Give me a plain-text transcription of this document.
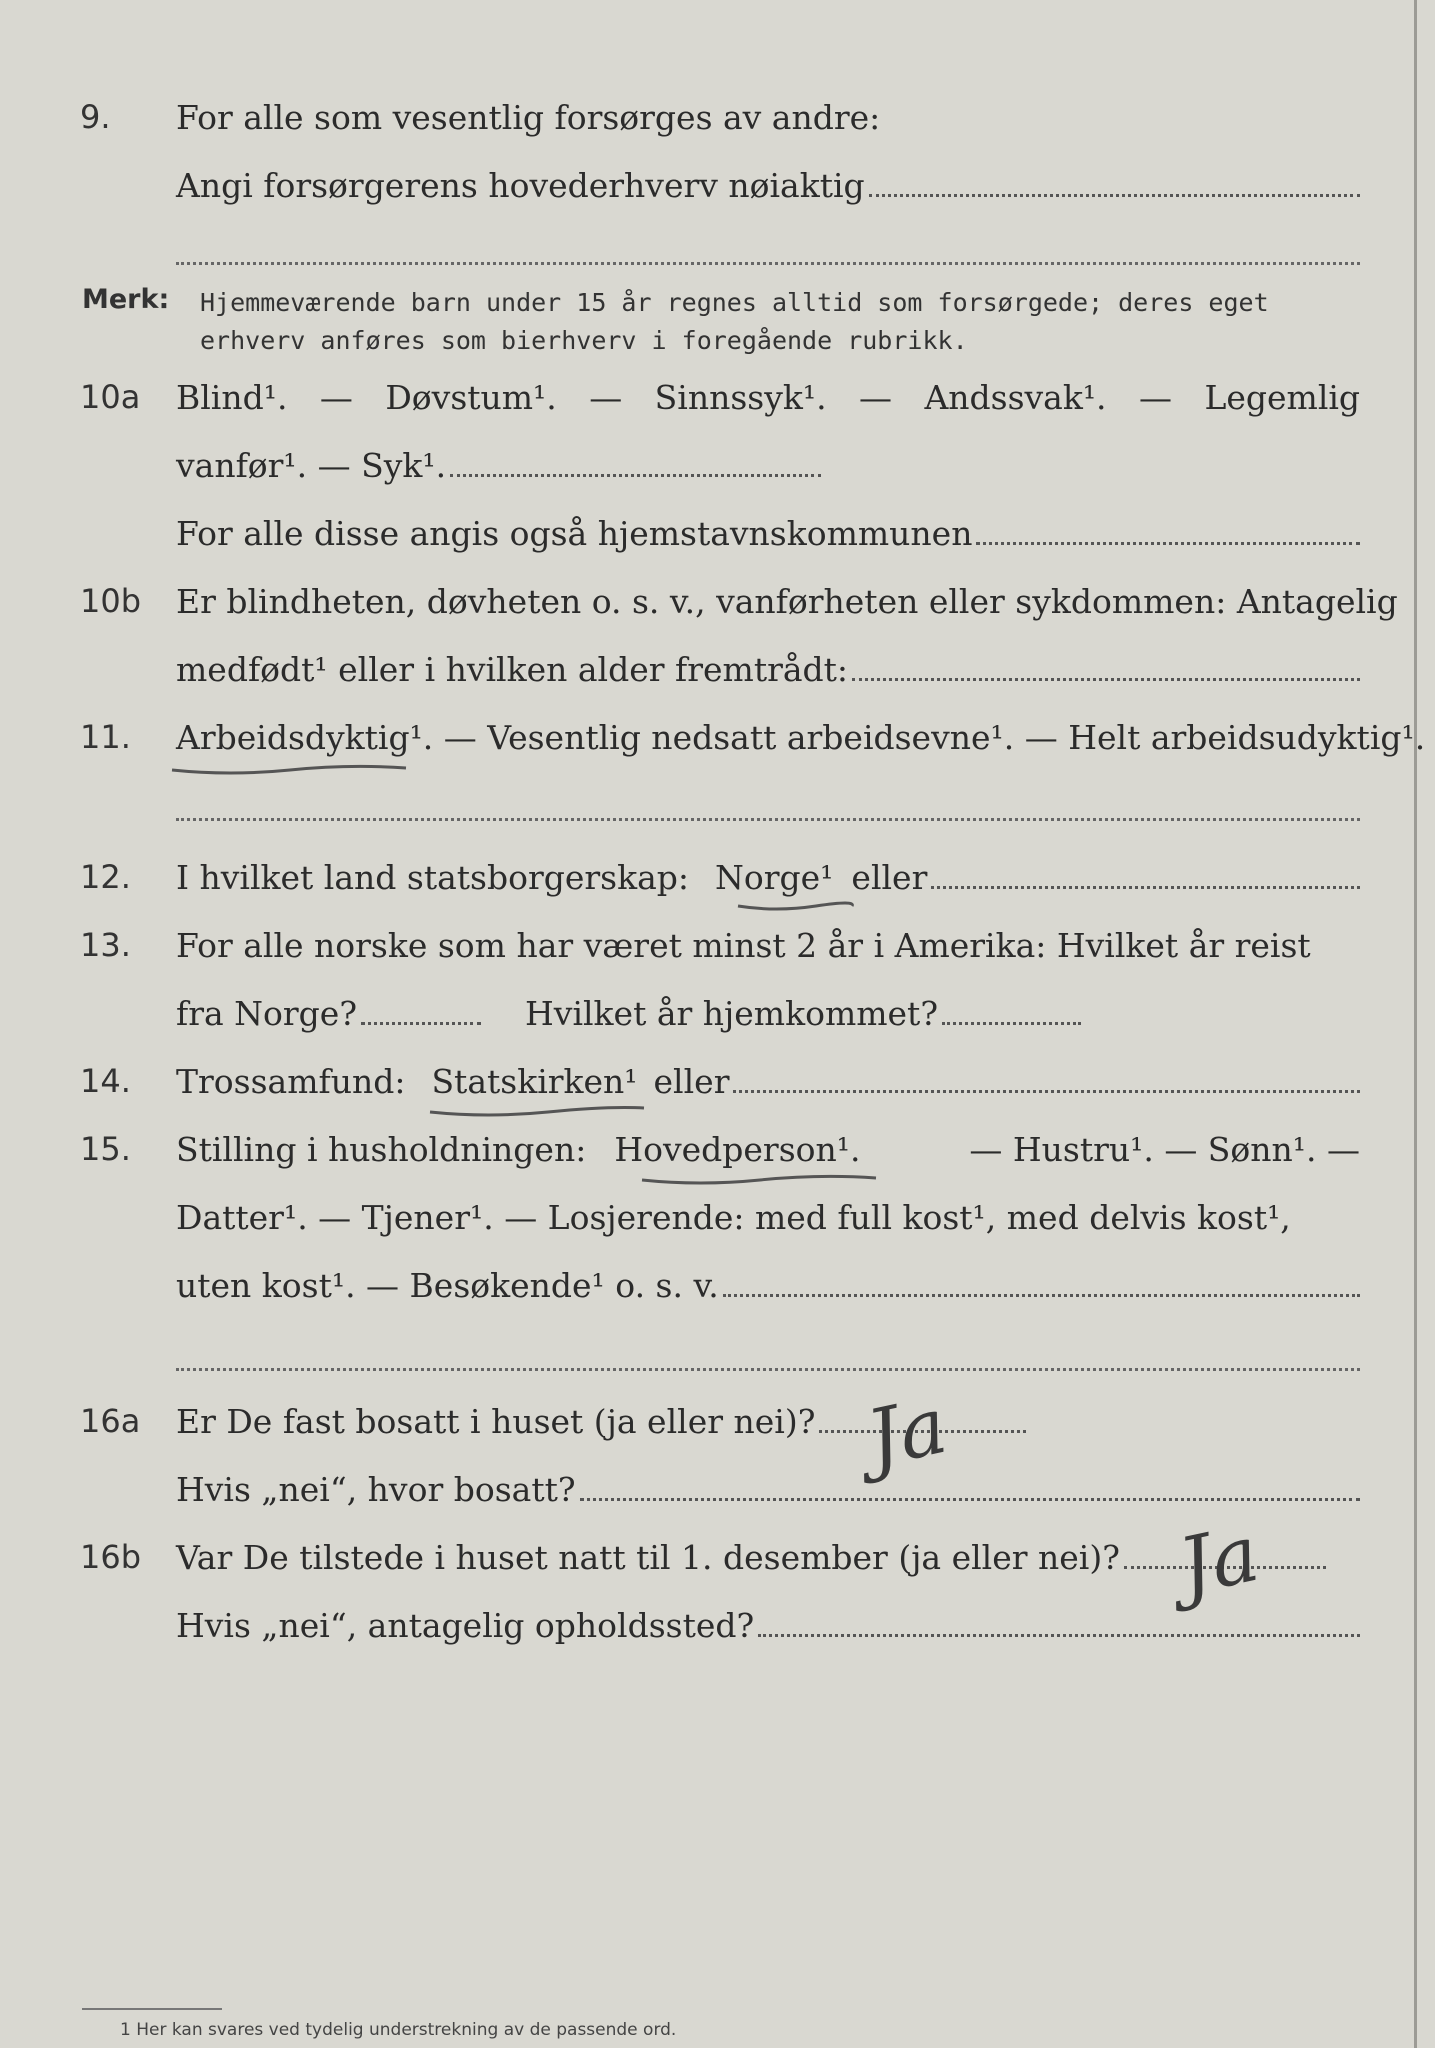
9.	For alle som vesentlig forsørges av andre:
Angi forsørgerens hovederhverv nøiaktig
Merk: Hjemmeværende barn under 15 år regnes alltid som forsørgede; deres eget erhverv anføres som bierhverv i foregående rubrikk.
10a	Blind¹. — Døvstum¹. — Sinnssyk¹. — Andssvak¹. — Legemlig
vanfør¹. — Syk¹.
For alle disse angis også hjemstavnskommunen
10b	Er blindheten, døvheten o. s. v., vanførheten eller sykdommen: Antagelig
medfødt¹ eller i hvilken alder fremtrådt:
11.	Arbeidsdyktig¹. — Vesentlig nedsatt arbeidsevne¹. — Helt arbeidsudyktig¹.
12.	I hvilket land statsborgerskap: Norge¹ eller
13.	For alle norske som har været minst 2 år i Amerika: Hvilket år reist
fra Norge?	Hvilket år hjemkommet?
14.	Trossamfund: Statskirken¹ eller
15.	Stilling i husholdningen: Hovedperson¹.	— Hustru¹. — Sønn¹. —
Datter¹. — Tjener¹. — Losjerende: med full kost¹, med delvis kost¹,
uten kost¹. — Besøkende¹ o. s. v.
16a	Er De fast bosatt i huset (ja eller nei)? Ja
Hvis „nei“, hvor bosatt?
16b	Var De tilstede i huset natt til 1. desember (ja eller nei)? Ja
Hvis „nei“, antagelig opholdssted?
1 Her kan svares ved tydelig understrekning av de passende ord.
